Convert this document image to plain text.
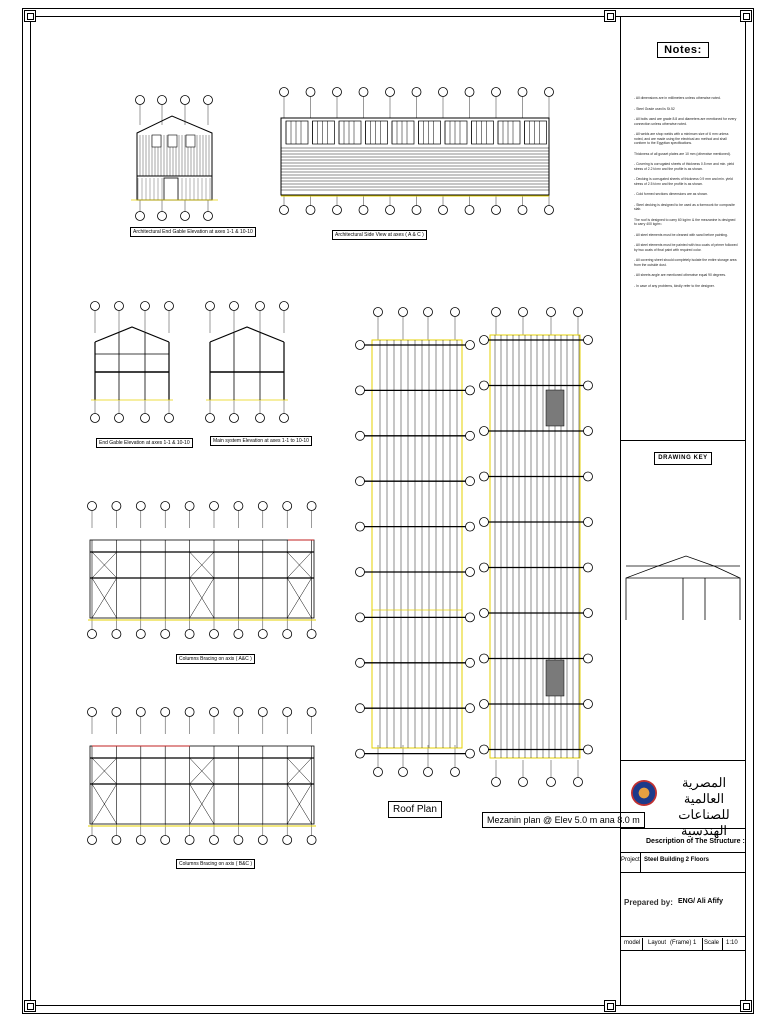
Notes:

- All dimensions are in millimeters unless otherwise noted.

- Steel Grade used is St.52

- All bolts used are grade 8.8 and diameters are mentioned for every connection unless otherwise noted.

- All welds are shop welds with a minimum size of 6 mm unless noted, and are made using the electrical arc method and shall conform to the Egyptian specifications.

Thickness of all gusset plates are 10 mm (otherwise mentioned).

- Covering is corrugated sheets of thickness 0.5 mm and min. yield stress of 2.2 t/cm² and the profile is as shown.

- Decking is corrugated sheets of thickness 0.9 mm and min. yield stress of 2.5 t/cm² and the profile is as shown.

- Cold formed sections dimensions are as shown.

- Steel decking is designed to be used as a formwork for composite slab.

The roof is designed to carry 60 kg/m² & the mezzanine is designed to carry 400 kg/m².

- All steel elements must be cleaned with sand before painting.

- All steel elements must be painted with two coats of primer followed by two coats of final paint with required color.

- All covering sheet should completely isolate the entire storage area from the outside dust.

- All sheets angle are mentioned otherwise equal 90 degrees.

- In case of any problems, kindly refer to the designer.

DRAWING KEY
المصرية العالمية للصناعات الهندسية
Description of The Structure :
Project Steel Building 2 Floors
Prepared by: ENG/ Ali Afify
model Layout (Frame) 1 Scale 1:10
Architectural End Gable Elevation at axes 1-1 & 10-10	Architectural Side View at axes ( A & C )
End Gable Elevation at axes 1-1 & 10-10	Main system Elevation at axes 1-1 to 10-10
Columns Bracing on axis ( A&C )
Columns Bracing on axis ( B&C )
Roof Plan
Mezanin plan @ Elev 5.0 m ana 8.0 m
